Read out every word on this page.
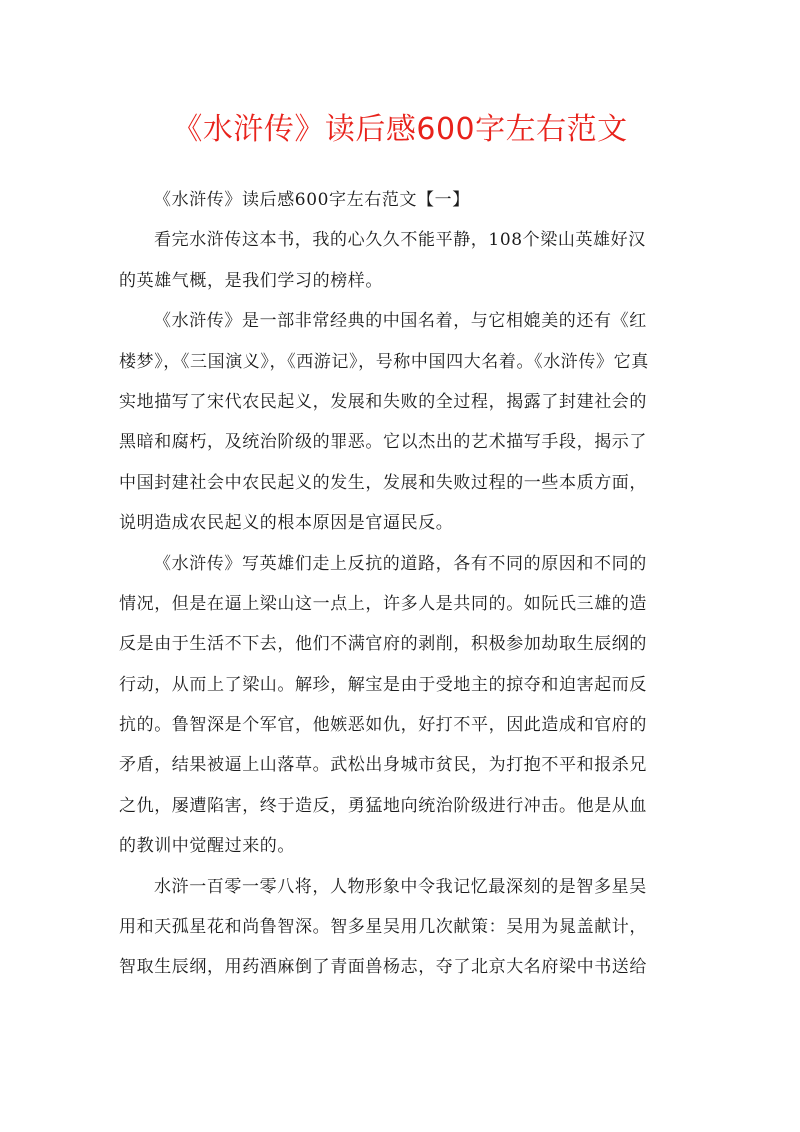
《水浒传》读后感600字左右范文
《水浒传》读后感600字左右范文【一】
看完水浒传这本书，我的心久久不能平静，108个梁山英雄好汉
的英雄气概，是我们学习的榜样。
《水浒传》是一部非常经典的中国名着，与它相媲美的还有《红
楼梦》，《三国演义》，《西游记》，号称中国四大名着。《水浒传》它真
实地描写了宋代农民起义，发展和失败的全过程，揭露了封建社会的
黑暗和腐朽，及统治阶级的罪恶。它以杰出的艺术描写手段，揭示了
中国封建社会中农民起义的发生，发展和失败过程的一些本质方面，
说明造成农民起义的根本原因是官逼民反。
《水浒传》写英雄们走上反抗的道路，各有不同的原因和不同的
情况，但是在逼上梁山这一点上，许多人是共同的。如阮氏三雄的造
反是由于生活不下去，他们不满官府的剥削，积极参加劫取生辰纲的
行动，从而上了梁山。解珍，解宝是由于受地主的掠夺和迫害起而反
抗的。鲁智深是个军官，他嫉恶如仇，好打不平，因此造成和官府的
矛盾，结果被逼上山落草。武松出身城市贫民，为打抱不平和报杀兄
之仇，屡遭陷害，终于造反，勇猛地向统治阶级进行冲击。他是从血
的教训中觉醒过来的。
水浒一百零一零八将，人物形象中令我记忆最深刻的是智多星吴
用和天孤星花和尚鲁智深。智多星吴用几次献策：吴用为晁盖献计，
智取生辰纲，用药酒麻倒了青面兽杨志，夺了北京大名府梁中书送给
